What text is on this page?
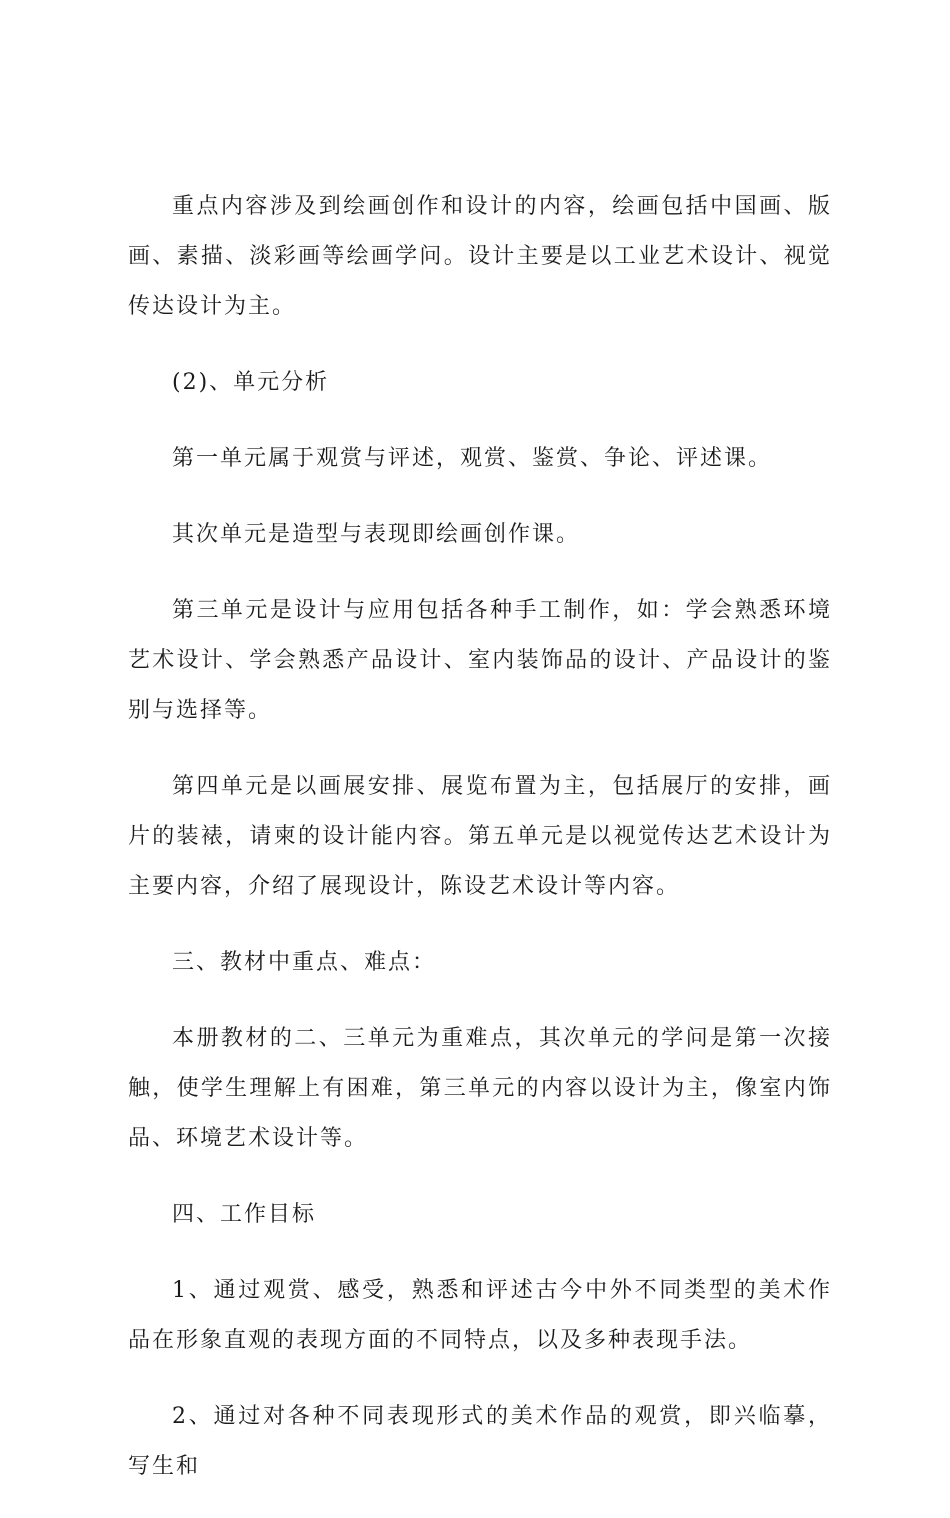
重点内容涉及到绘画创作和设计的内容，绘画包括中国画、版画、素描、淡彩画等绘画学问。设计主要是以工业艺术设计、视觉传达设计为主。

(2)、单元分析

第一单元属于观赏与评述，观赏、鉴赏、争论、评述课。

其次单元是造型与表现即绘画创作课。

第三单元是设计与应用包括各种手工制作，如：学会熟悉环境艺术设计、学会熟悉产品设计、室内装饰品的设计、产品设计的鉴别与选择等。

第四单元是以画展安排、展览布置为主，包括展厅的安排，画片的装裱，请柬的设计能内容。第五单元是以视觉传达艺术设计为主要内容，介绍了展现设计，陈设艺术设计等内容。

三、教材中重点、难点：

本册教材的二、三单元为重难点，其次单元的学问是第一次接触，使学生理解上有困难，第三单元的内容以设计为主，像室内饰品、环境艺术设计等。

四、工作目标

1、通过观赏、感受，熟悉和评述古今中外不同类型的美术作品在形象直观的表现方面的不同特点，以及多种表现手法。

2、通过对各种不同表现形式的美术作品的观赏，即兴临摹，写生和
